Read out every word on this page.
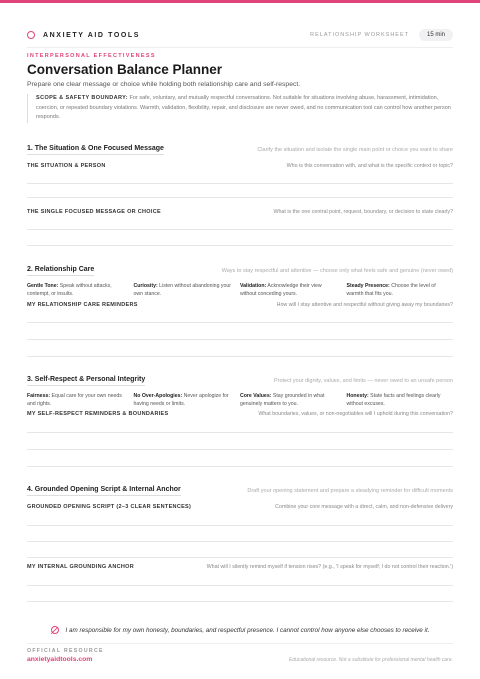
ANXIETY AID TOOLS	RELATIONSHIP WORKSHEET	15 min
INTERPERSONAL EFFECTIVENESS
Conversation Balance Planner
Prepare one clear message or choice while holding both relationship care and self-respect.
SCOPE & SAFETY BOUNDARY: For safe, voluntary, and mutually respectful conversations. Not suitable for situations involving abuse, harassment, intimidation, coercion, or repeated boundary violations. Warmth, validation, flexibility, repair, and disclosure are never owed, and no communication tool can control how another person responds.
1. The Situation & One Focused Message	Clarify the situation and isolate the single main point or choice you want to share
THE SITUATION & PERSON	Who is this conversation with, and what is the specific context or topic?
THE SINGLE FOCUSED MESSAGE OR CHOICE	What is the one central point, request, boundary, or decision to state clearly?
2. Relationship Care	Ways to stay respectful and attentive — choose only what feels safe and genuine (never owed)
Gentle Tone: Speak without attacks, contempt, or insults.
Curiosity: Listen without abandoning your own stance.
Validation: Acknowledge their view without conceding yours.
Steady Presence: Choose the level of warmth that fits you.
MY RELATIONSHIP CARE REMINDERS	How will I stay attentive and respectful without giving away my boundaries?
3. Self-Respect & Personal Integrity	Protect your dignity, values, and limits — never owed to an unsafe person
Fairness: Equal care for your own needs and rights.
No Over-Apologies: Never apologize for having needs or limits.
Core Values: Stay grounded in what genuinely matters to you.
Honesty: State facts and feelings clearly without excuses.
MY SELF-RESPECT REMINDERS & BOUNDARIES	What boundaries, values, or non-negotiables will I uphold during this conversation?
4. Grounded Opening Script & Internal Anchor	Draft your opening statement and prepare a steadying reminder for difficult moments
GROUNDED OPENING SCRIPT (2–3 CLEAR SENTENCES)	Combine your core message with a direct, calm, and non-defensive delivery
MY INTERNAL GROUNDING ANCHOR	What will I silently remind myself if tension rises? (e.g., 'I speak for myself; I do not control their reaction.')
I am responsible for my own honesty, boundaries, and respectful presence. I cannot control how anyone else chooses to receive it.
OFFICIAL RESOURCE
anxietyaidtools.com	Educational resource. Not a substitute for professional mental health care.
